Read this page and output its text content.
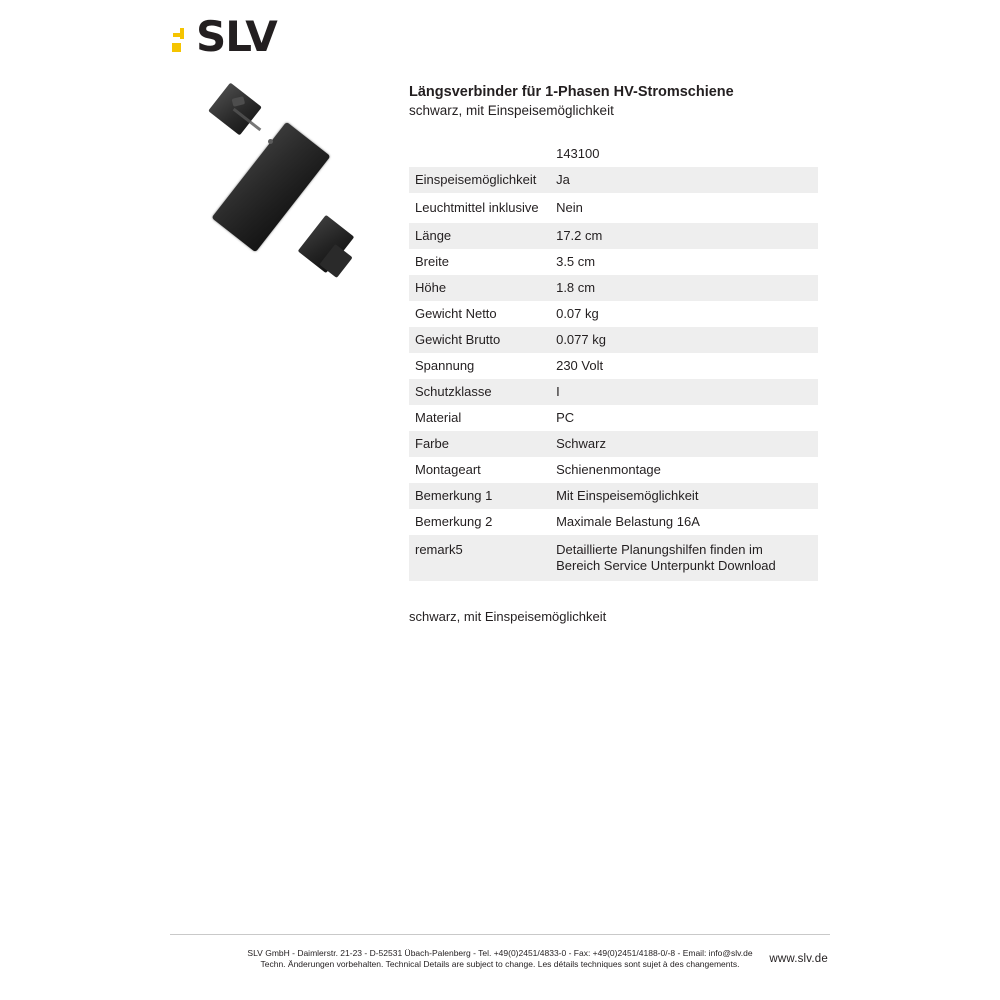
SLV
Längsverbinder für 1-Phasen HV-Stromschiene
schwarz, mit Einspeisemöglichkeit
	143100
Einspeisemöglichkeit	Ja
Leuchtmittel inklusive	Nein
Länge	17.2 cm
Breite	3.5 cm
Höhe	1.8 cm
Gewicht Netto	0.07 kg
Gewicht Brutto	0.077 kg
Spannung	230 Volt
Schutzklasse	I
Material	PC
Farbe	Schwarz
Montageart	Schienenmontage
Bemerkung 1	Mit Einspeisemöglichkeit
Bemerkung 2	Maximale Belastung 16A
remark5	Detaillierte Planungshilfen finden im Bereich Service Unterpunkt Download
schwarz, mit Einspeisemöglichkeit
SLV GmbH - Daimlerstr. 21-23 - D-52531 Übach-Palenberg - Tel. +49(0)2451/4833-0 - Fax: +49(0)2451/4188-0/-8 - Email: info@slv.de
Techn. Änderungen vorbehalten. Technical Details are subject to change. Les détails techniques sont sujet à des changements.	www.slv.de
